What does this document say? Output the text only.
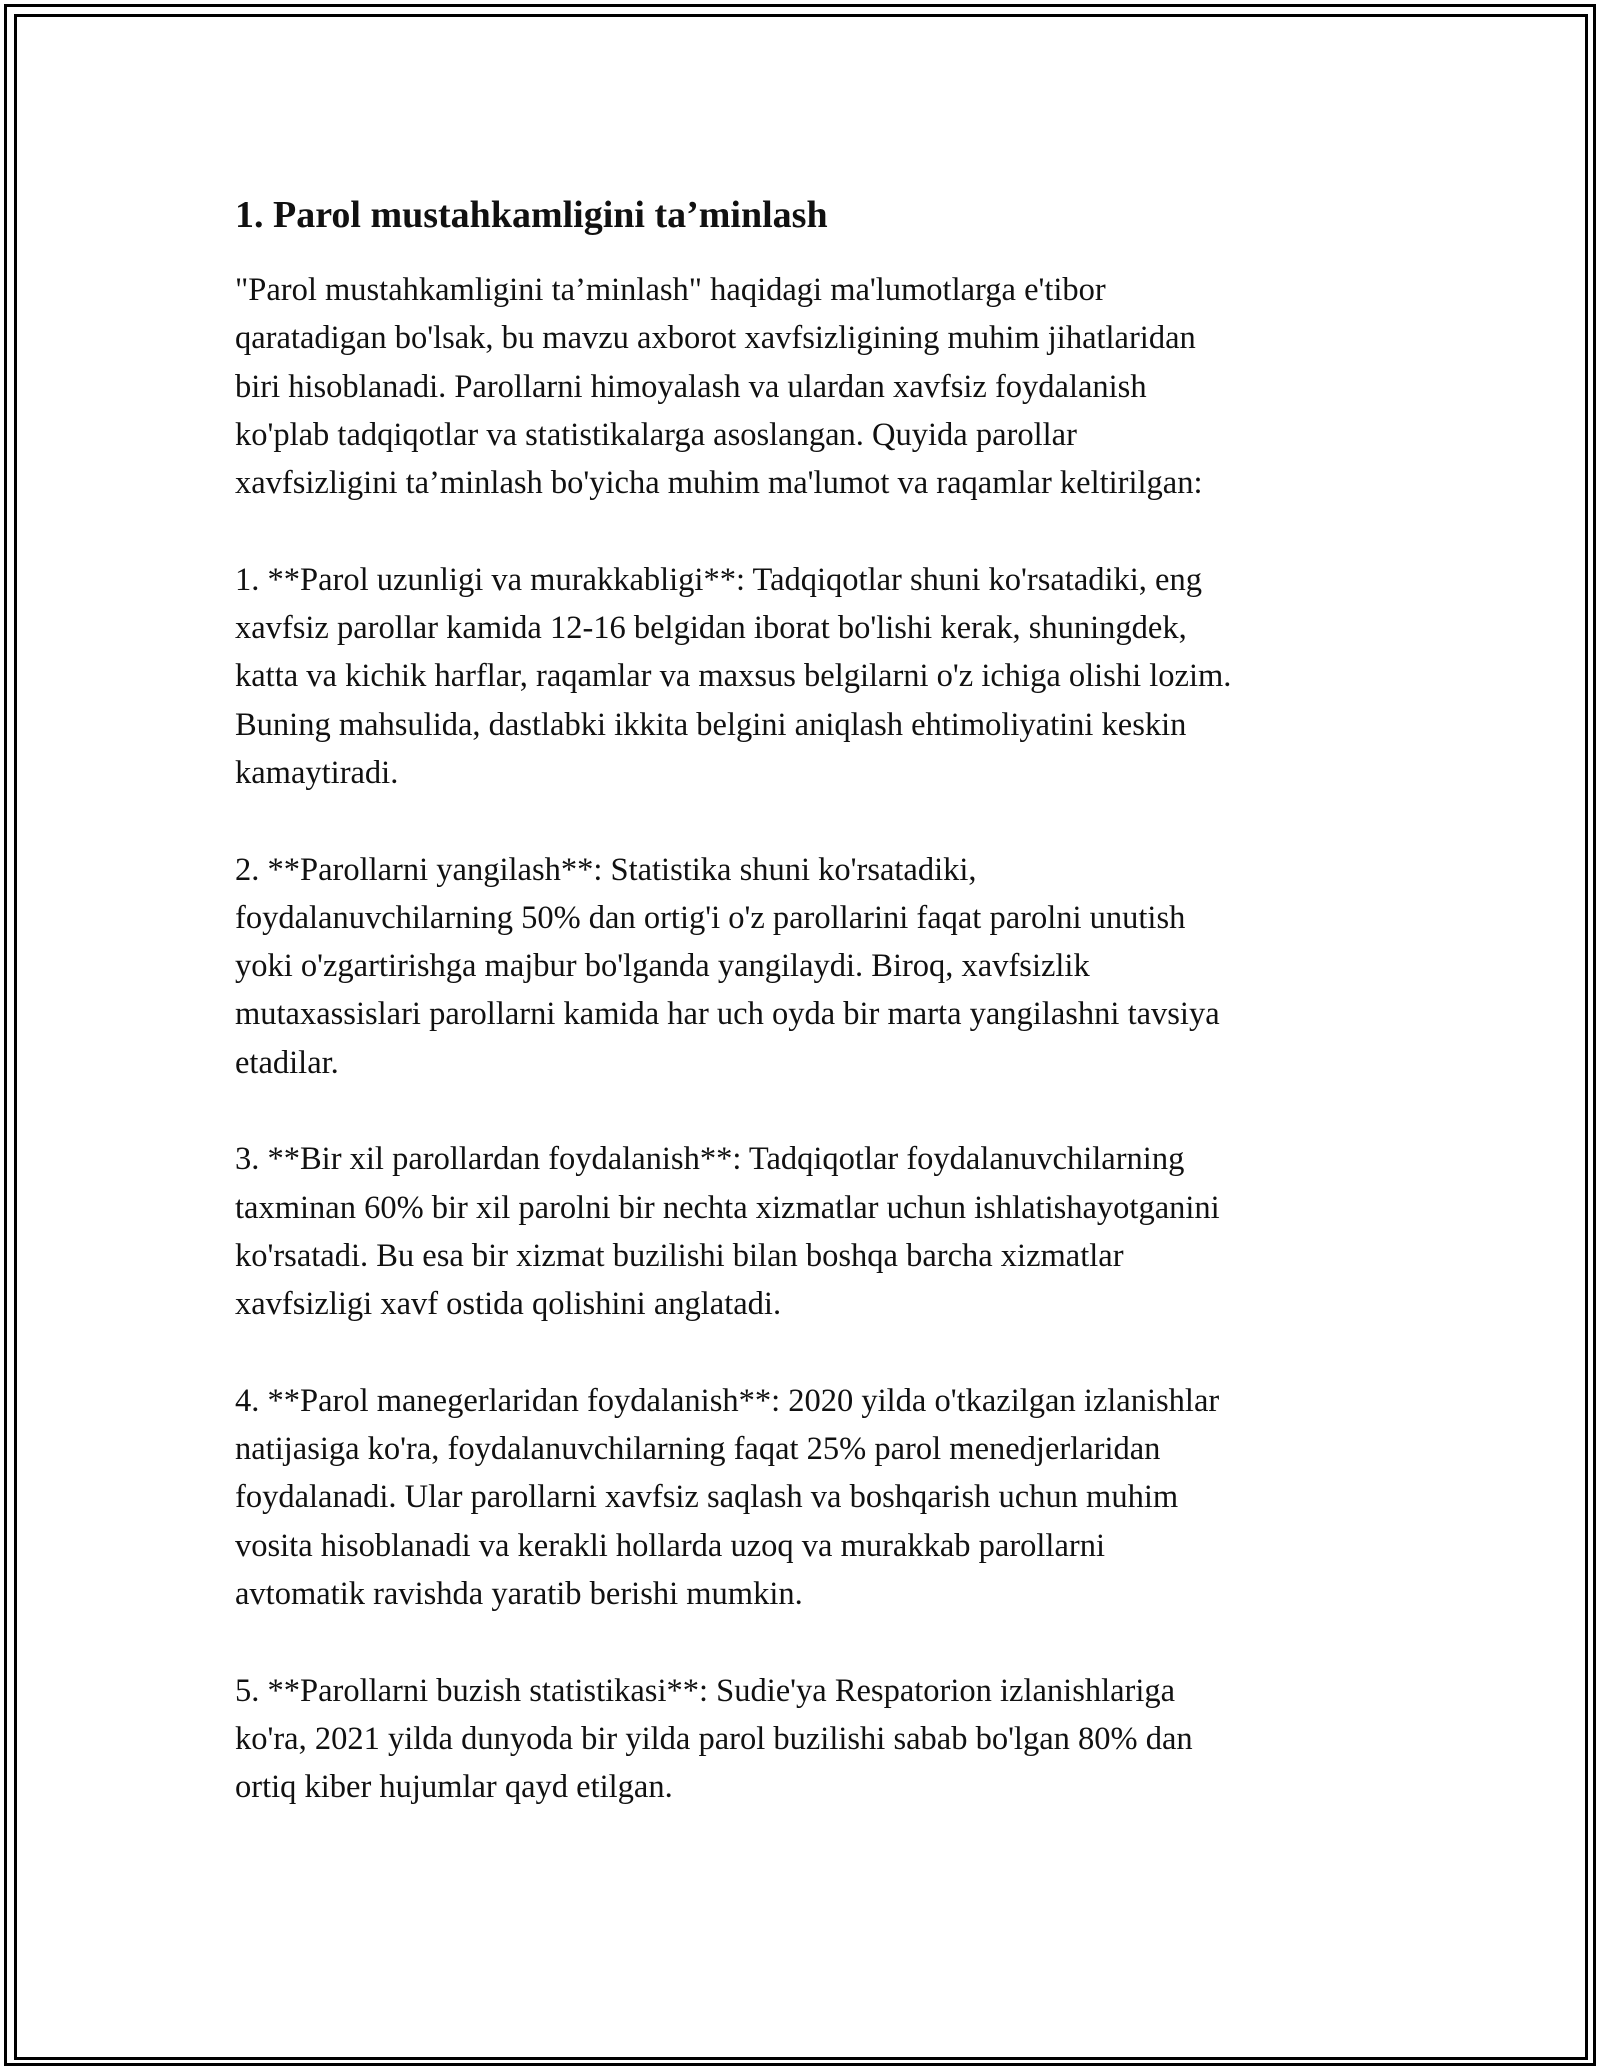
1. Parol mustahkamligini ta’minlash

"Parol mustahkamligini ta’minlash" haqidagi ma'lumotlarga e'tibor
qaratadigan bo'lsak, bu mavzu axborot xavfsizligining muhim jihatlaridan
biri hisoblanadi. Parollarni himoyalash va ulardan xavfsiz foydalanish
ko'plab tadqiqotlar va statistikalarga asoslangan. Quyida parollar
xavfsizligini ta’minlash bo'yicha muhim ma'lumot va raqamlar keltirilgan:

1. **Parol uzunligi va murakkabligi**: Tadqiqotlar shuni ko'rsatadiki, eng
xavfsiz parollar kamida 12-16 belgidan iborat bo'lishi kerak, shuningdek,
katta va kichik harflar, raqamlar va maxsus belgilarni o'z ichiga olishi lozim.
Buning mahsulida, dastlabki ikkita belgini aniqlash ehtimoliyatini keskin
kamaytiradi.

2. **Parollarni yangilash**: Statistika shuni ko'rsatadiki,
foydalanuvchilarning 50% dan ortig'i o'z parollarini faqat parolni unutish
yoki o'zgartirishga majbur bo'lganda yangilaydi. Biroq, xavfsizlik
mutaxassislari parollarni kamida har uch oyda bir marta yangilashni tavsiya
etadilar.

3. **Bir xil parollardan foydalanish**: Tadqiqotlar foydalanuvchilarning
taxminan 60% bir xil parolni bir nechta xizmatlar uchun ishlatishayotganini
ko'rsatadi. Bu esa bir xizmat buzilishi bilan boshqa barcha xizmatlar
xavfsizligi xavf ostida qolishini anglatadi.

4. **Parol manegerlaridan foydalanish**: 2020 yilda o'tkazilgan izlanishlar
natijasiga ko'ra, foydalanuvchilarning faqat 25% parol menedjerlaridan
foydalanadi. Ular parollarni xavfsiz saqlash va boshqarish uchun muhim
vosita hisoblanadi va kerakli hollarda uzoq va murakkab parollarni
avtomatik ravishda yaratib berishi mumkin.

5. **Parollarni buzish statistikasi**: Sudie'ya Respatorion izlanishlariga
ko'ra, 2021 yilda dunyoda bir yilda parol buzilishi sabab bo'lgan 80% dan
ortiq kiber hujumlar qayd etilgan.
